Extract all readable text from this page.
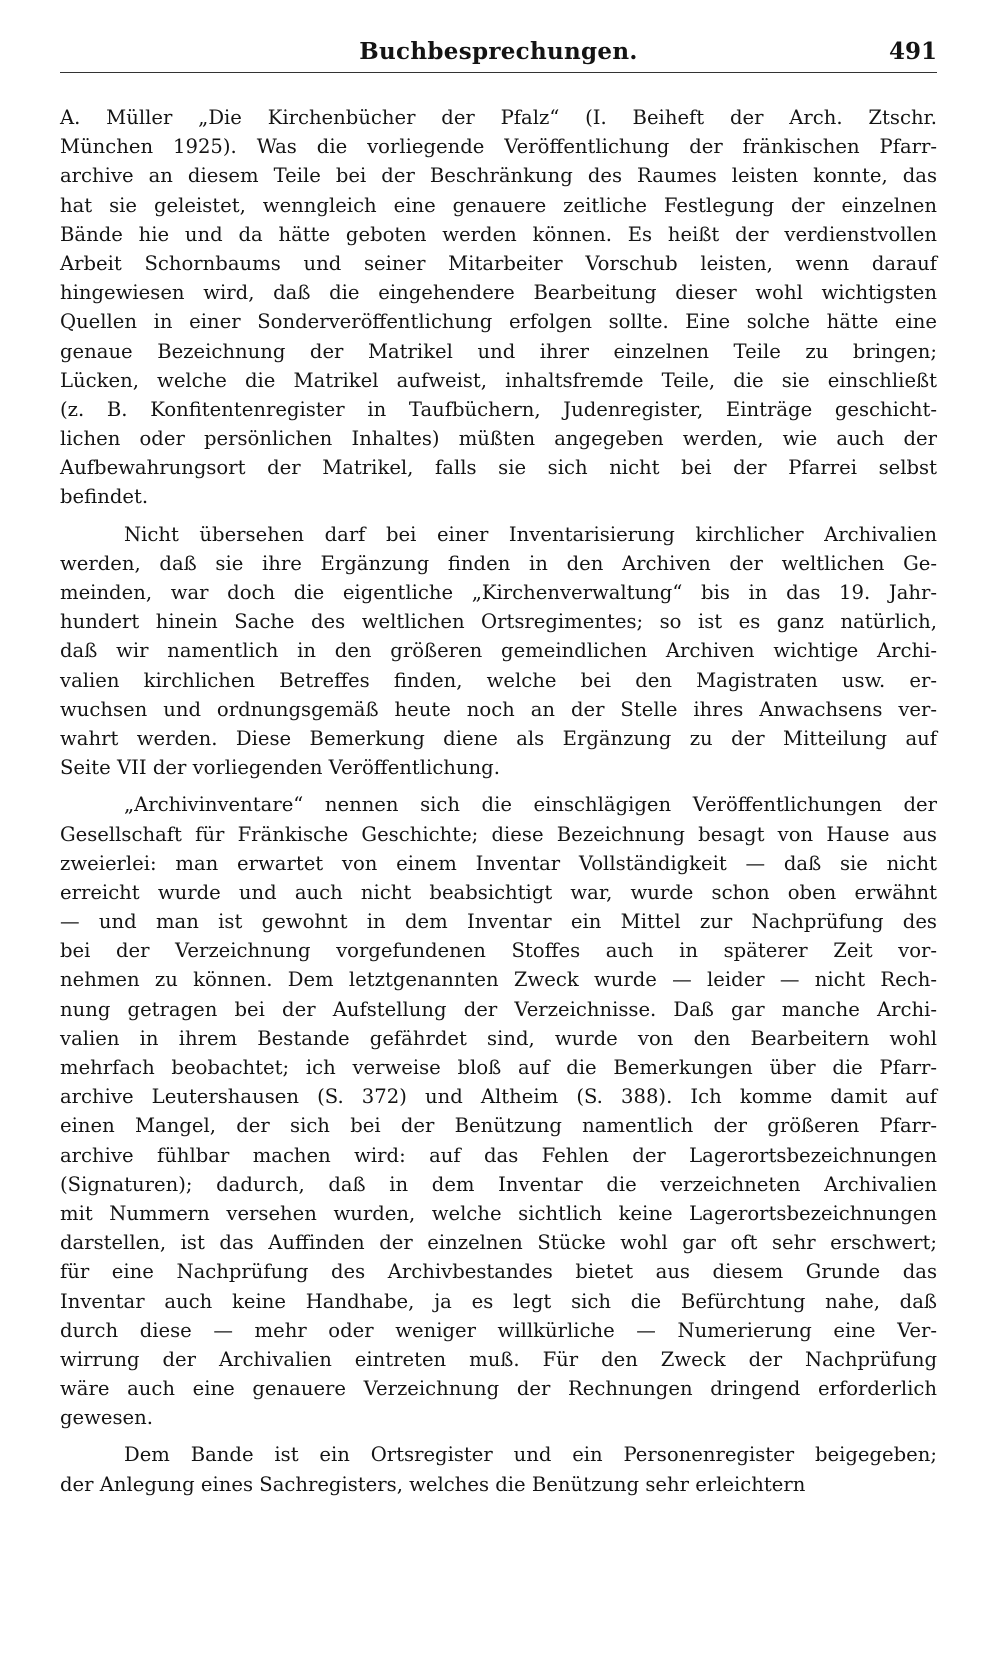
Buchbesprechungen.	491
A. Müller „Die Kirchenbücher der Pfalz“ (I. Beiheft der Arch. Ztschr.
München 1925). Was die vorliegende Veröffentlichung der fränkischen Pfarr-
archive an diesem Teile bei der Beschränkung des Raumes leisten konnte, das
hat sie geleistet, wenngleich eine genauere zeitliche Festlegung der einzelnen
Bände hie und da hätte geboten werden können. Es heißt der verdienstvollen
Arbeit Schornbaums und seiner Mitarbeiter Vorschub leisten, wenn darauf
hingewiesen wird, daß die eingehendere Bearbeitung dieser wohl wichtigsten
Quellen in einer Sonderveröffentlichung erfolgen sollte. Eine solche hätte eine
genaue Bezeichnung der Matrikel und ihrer einzelnen Teile zu bringen;
Lücken, welche die Matrikel aufweist, inhaltsfremde Teile, die sie einschließt
(z. B. Konfitentenregister in Taufbüchern, Judenregister, Einträge geschicht-
lichen oder persönlichen Inhaltes) müßten angegeben werden, wie auch der
Aufbewahrungsort der Matrikel, falls sie sich nicht bei der Pfarrei selbst
befindet.
Nicht übersehen darf bei einer Inventarisierung kirchlicher Archivalien
werden, daß sie ihre Ergänzung finden in den Archiven der weltlichen Ge-
meinden, war doch die eigentliche „Kirchenverwaltung“ bis in das 19. Jahr-
hundert hinein Sache des weltlichen Ortsregimentes; so ist es ganz natürlich,
daß wir namentlich in den größeren gemeindlichen Archiven wichtige Archi-
valien kirchlichen Betreffes finden, welche bei den Magistraten usw. er-
wuchsen und ordnungsgemäß heute noch an der Stelle ihres Anwachsens ver-
wahrt werden. Diese Bemerkung diene als Ergänzung zu der Mitteilung auf
Seite VII der vorliegenden Veröffentlichung.
„Archivinventare“ nennen sich die einschlägigen Veröffentlichungen der
Gesellschaft für Fränkische Geschichte; diese Bezeichnung besagt von Hause aus
zweierlei: man erwartet von einem Inventar Vollständigkeit — daß sie nicht
erreicht wurde und auch nicht beabsichtigt war, wurde schon oben erwähnt
— und man ist gewohnt in dem Inventar ein Mittel zur Nachprüfung des
bei der Verzeichnung vorgefundenen Stoffes auch in späterer Zeit vor-
nehmen zu können. Dem letztgenannten Zweck wurde — leider — nicht Rech-
nung getragen bei der Aufstellung der Verzeichnisse. Daß gar manche Archi-
valien in ihrem Bestande gefährdet sind, wurde von den Bearbeitern wohl
mehrfach beobachtet; ich verweise bloß auf die Bemerkungen über die Pfarr-
archive Leutershausen (S. 372) und Altheim (S. 388). Ich komme damit auf
einen Mangel, der sich bei der Benützung namentlich der größeren Pfarr-
archive fühlbar machen wird: auf das Fehlen der Lagerortsbezeichnungen
(Signaturen); dadurch, daß in dem Inventar die verzeichneten Archivalien
mit Nummern versehen wurden, welche sichtlich keine Lagerortsbezeichnungen
darstellen, ist das Auffinden der einzelnen Stücke wohl gar oft sehr erschwert;
für eine Nachprüfung des Archivbestandes bietet aus diesem Grunde das
Inventar auch keine Handhabe, ja es legt sich die Befürchtung nahe, daß
durch diese — mehr oder weniger willkürliche — Numerierung eine Ver-
wirrung der Archivalien eintreten muß. Für den Zweck der Nachprüfung
wäre auch eine genauere Verzeichnung der Rechnungen dringend erforderlich
gewesen.
Dem Bande ist ein Ortsregister und ein Personenregister beigegeben;
der Anlegung eines Sachregisters, welches die Benützung sehr erleichtern
